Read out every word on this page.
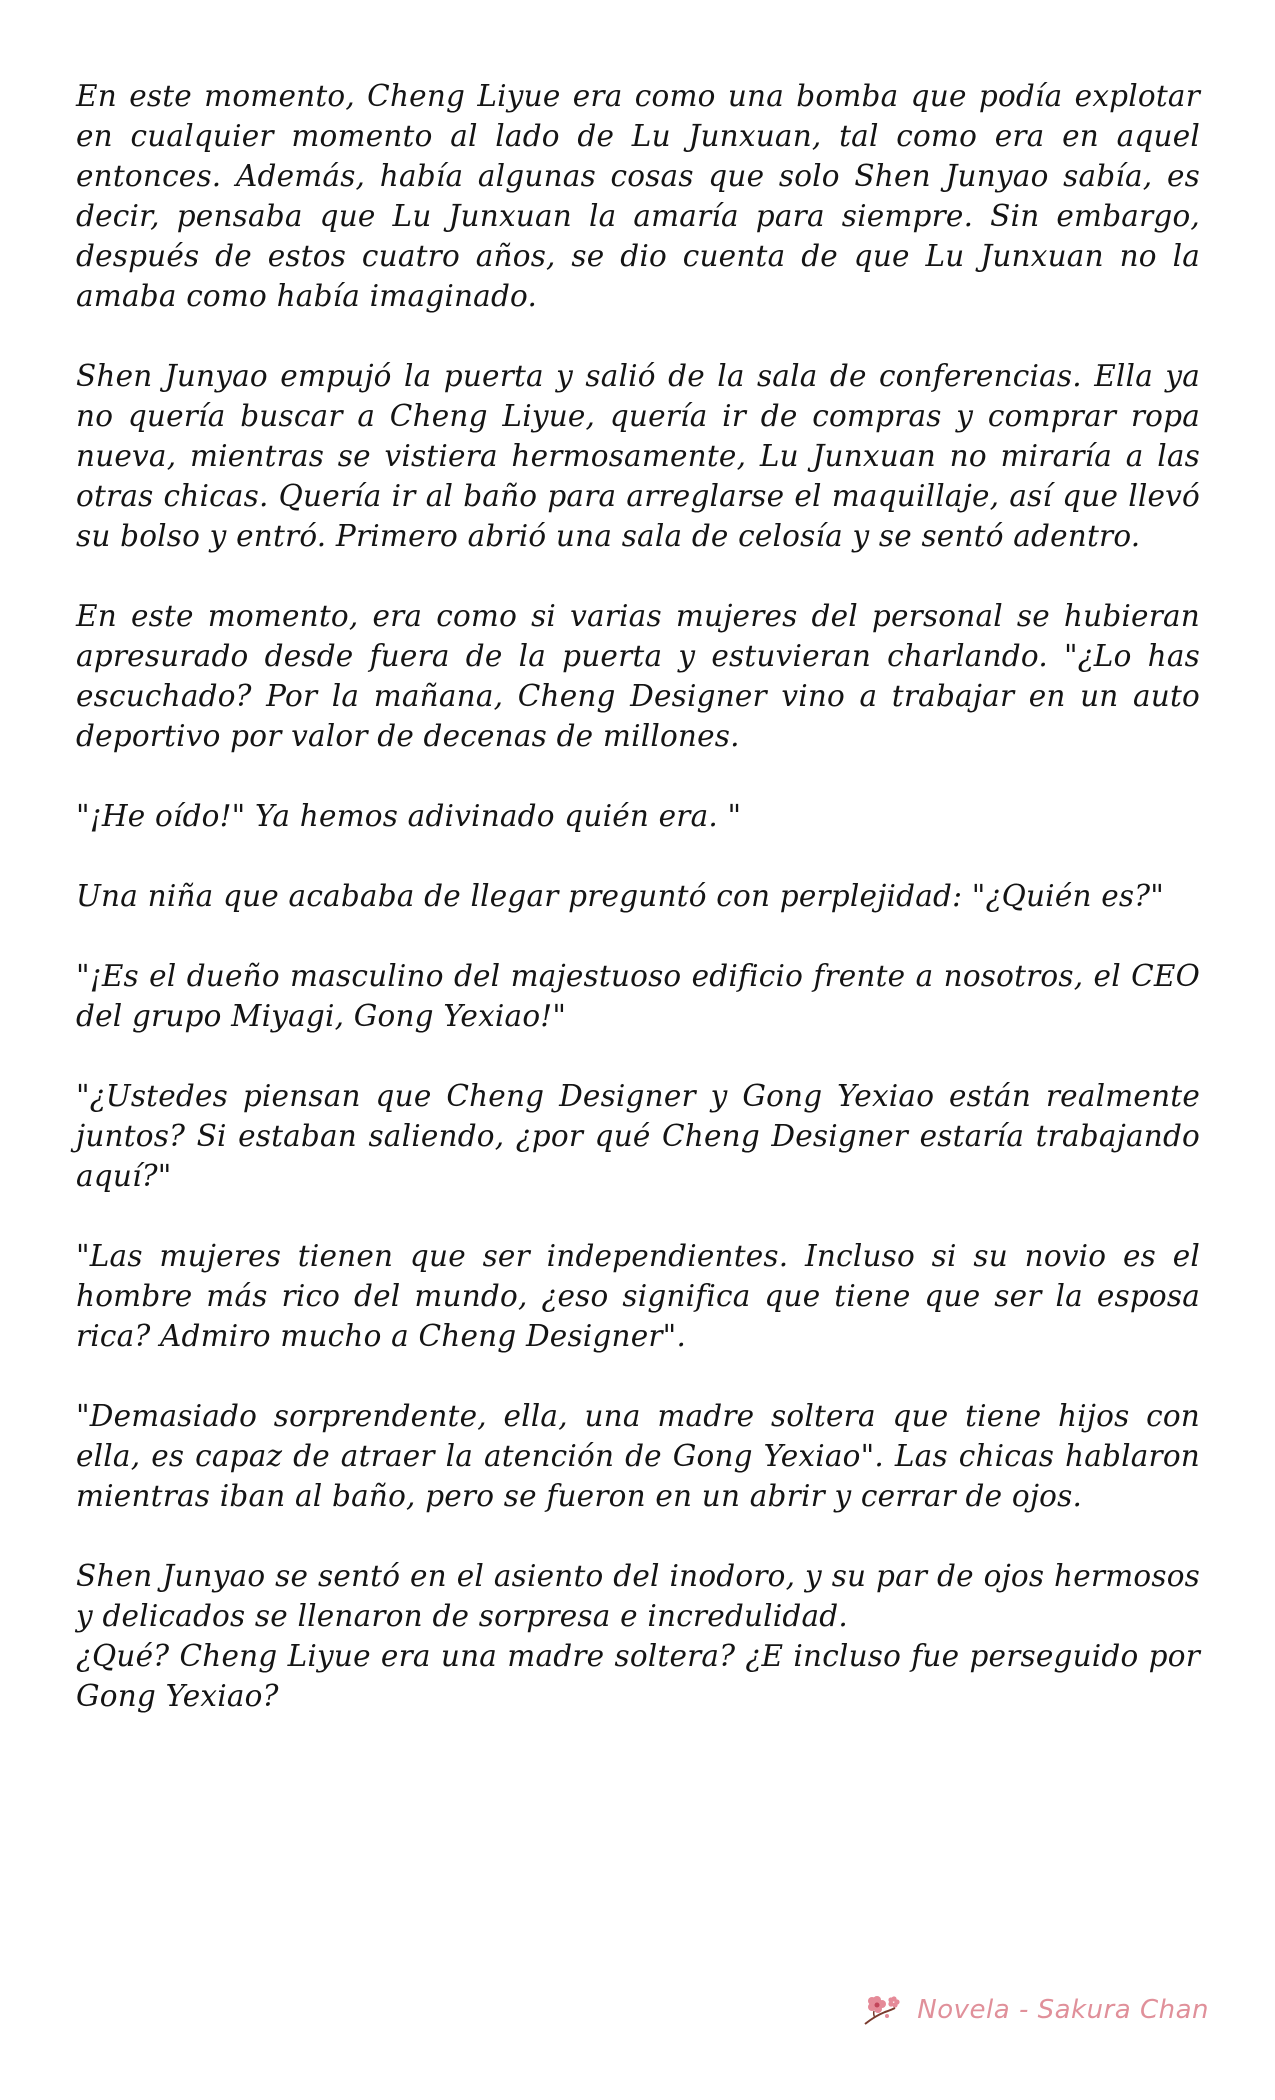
En este momento, Cheng Liyue era como una bomba que podía explotar en cualquier momento al lado de Lu Junxuan, tal como era en aquel entonces. Además, había algunas cosas que solo Shen Junyao sabía, es decir, pensaba que Lu Junxuan la amaría para siempre. Sin embargo, después de estos cuatro años, se dio cuenta de que Lu Junxuan no la amaba como había imaginado.

Shen Junyao empujó la puerta y salió de la sala de conferencias. Ella ya no quería buscar a Cheng Liyue, quería ir de compras y comprar ropa nueva, mientras se vistiera hermosamente, Lu Junxuan no miraría a las otras chicas. Quería ir al baño para arreglarse el maquillaje, así que llevó su bolso y entró. Primero abrió una sala de celosía y se sentó adentro.

En este momento, era como si varias mujeres del personal se hubieran apresurado desde fuera de la puerta y estuvieran charlando. "¿Lo has escuchado? Por la mañana, Cheng Designer vino a trabajar en un auto deportivo por valor de decenas de millones.

"¡He oído!" Ya hemos adivinado quién era. "

Una niña que acababa de llegar preguntó con perplejidad: "¿Quién es?"

"¡Es el dueño masculino del majestuoso edificio frente a nosotros, el CEO del grupo Miyagi, Gong Yexiao!"

"¿Ustedes piensan que Cheng Designer y Gong Yexiao están realmente juntos? Si estaban saliendo, ¿por qué Cheng Designer estaría trabajando aquí?"

"Las mujeres tienen que ser independientes. Incluso si su novio es el hombre más rico del mundo, ¿eso significa que tiene que ser la esposa rica? Admiro mucho a Cheng Designer".

"Demasiado sorprendente, ella, una madre soltera que tiene hijos con ella, es capaz de atraer la atención de Gong Yexiao". Las chicas hablaron mientras iban al baño, pero se fueron en un abrir y cerrar de ojos.

Shen Junyao se sentó en el asiento del inodoro, y su par de ojos hermosos y delicados se llenaron de sorpresa e incredulidad.
¿Qué? Cheng Liyue era una madre soltera? ¿E incluso fue perseguido por Gong Yexiao?

Novela - Sakura Chan
